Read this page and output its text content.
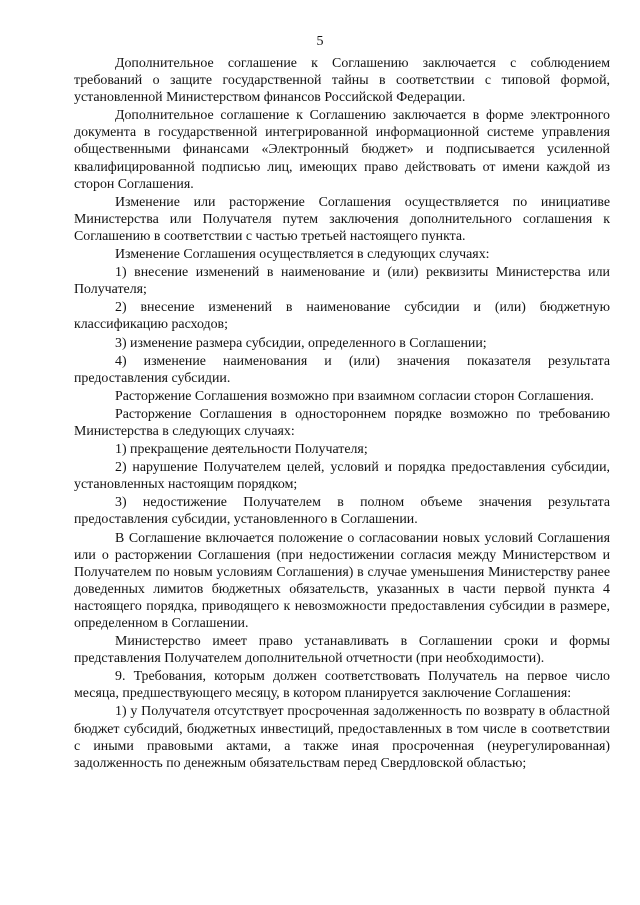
5

Дополнительное соглашение к Соглашению заключается с соблюдением требований о защите государственной тайны в соответствии с типовой формой, установленной Министерством финансов Российской Федерации.

Дополнительное соглашение к Соглашению заключается в форме электронного документа в государственной интегрированной информационной системе управления общественными финансами «Электронный бюджет» и подписывается усиленной квалифицированной подписью лиц, имеющих право действовать от имени каждой из сторон Соглашения.

Изменение или расторжение Соглашения осуществляется по инициативе Министерства или Получателя путем заключения дополнительного соглашения к Соглашению в соответствии с частью третьей настоящего пункта.

Изменение Соглашения осуществляется в следующих случаях:

1) внесение изменений в наименование и (или) реквизиты Министерства или Получателя;

2) внесение изменений в наименование субсидии и (или) бюджетную классификацию расходов;

3) изменение размера субсидии, определенного в Соглашении;

4) изменение наименования и (или) значения показателя результата предоставления субсидии.

Расторжение Соглашения возможно при взаимном согласии сторон Соглашения.

Расторжение Соглашения в одностороннем порядке возможно по требованию Министерства в следующих случаях:

1) прекращение деятельности Получателя;

2) нарушение Получателем целей, условий и порядка предоставления субсидии, установленных настоящим порядком;

3) недостижение Получателем в полном объеме значения результата предоставления субсидии, установленного в Соглашении.

В Соглашение включается положение о согласовании новых условий Соглашения или о расторжении Соглашения (при недостижении согласия между Министерством и Получателем по новым условиям Соглашения) в случае уменьшения Министерству ранее доведенных лимитов бюджетных обязательств, указанных в части первой пункта 4 настоящего порядка, приводящего к невозможности предоставления субсидии в размере, определенном в Соглашении.

Министерство имеет право устанавливать в Соглашении сроки и формы представления Получателем дополнительной отчетности (при необходимости).

9. Требования, которым должен соответствовать Получатель на первое число месяца, предшествующего месяцу, в котором планируется заключение Соглашения:

1) у Получателя отсутствует просроченная задолженность по возврату в областной бюджет субсидий, бюджетных инвестиций, предоставленных в том числе в соответствии с иными правовыми актами, а также иная просроченная (неурегулированная) задолженность по денежным обязательствам перед Свердловской областью;
